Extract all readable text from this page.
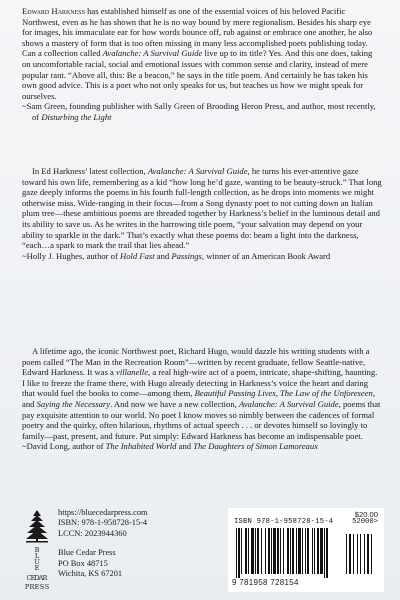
Edward Harkness has established himself as one of the essential voices of his beloved Pacific Northwest, even as he has shown that he is no way bound by mere regionalism. Besides his sharp eye for images, his immaculate ear for how words bounce off, rub against or embrace one another, he also shows a mastery of form that is too often missing in many less accomplished poets publishing today. Can a collection called Avalanche: A Survival Guide live up to its title? Yes. And this one does, taking on uncomfortable racial, social and emotional issues with common sense and clarity, instead of mere popular rant. “Above all, this: Be a beacon,” he says in the title poem. And certainly he has taken his own good advice. This is a poet who not only speaks for us, but teaches us how we might speak for ourselves.

~Sam Green, founding publisher with Sally Green of Brooding Heron Press, and author, most recently, of Disturbing the Light

In Ed Harkness’ latest collection, Avalanche: A Survival Guide, he turns his ever-attentive gaze toward his own life, remembering as a kid “how long he’d gaze, wanting to be beauty-struck.” That long gaze deeply informs the poems in his fourth full-length collection, as he drops into moments we might otherwise miss. Wide-ranging in their focus—from a Song dynasty poet to not cutting down an Italian plum tree—these ambitious poems are threaded together by Harkness’s belief in the luminous detail and its ability to save us. As he writes in the harrowing title poem, “your salvation may depend on your ability to sparkle in the dark.” That’s exactly what these poems do: beam a light into the darkness, “each…a spark to mark the trail that lies ahead.”

~Holly J. Hughes, author of Hold Fast and Passings, winner of an American Book Award

A lifetime ago, the iconic Northwest poet, Richard Hugo, would dazzle his writing students with a poem called “The Man in the Recreation Room”—written by recent graduate, fellow Seattle-native, Edward Harkness. It was a villanelle, a real high-wire act of a poem, intricate, shape-shifting, haunting. I like to freeze the frame there, with Hugo already detecting in Harkness’s voice the heart and daring that would fuel the books to come—among them, Beautiful Passing Lives, The Law of the Unforeseen, and Saying the Necessary. And now we have a new collection, Avalanche: A Survival Guide, poems that pay exquisite attention to our world. No poet I know moves so nimbly between the cadences of formal poetry and the quirky, often hilarious, rhythms of actual speech . . . or devotes himself so lovingly to family—past, present, and future. Put simply: Edward Harkness has become an indispensable poet.

~David Long, author of The Inhabited World and The Daughters of Simon Lamoreaux

B
L
U
E
C E D A R
P R E S S
https://bluecedarpress.com
ISBN: 978-1-958728-15-4
LCCN: 2023944360
Blue Cedar Press
PO Box 48715
Wichita, KS 67201
$20.00
ISBN 978-1-958728-15-4	52000>
9 781958 728154
